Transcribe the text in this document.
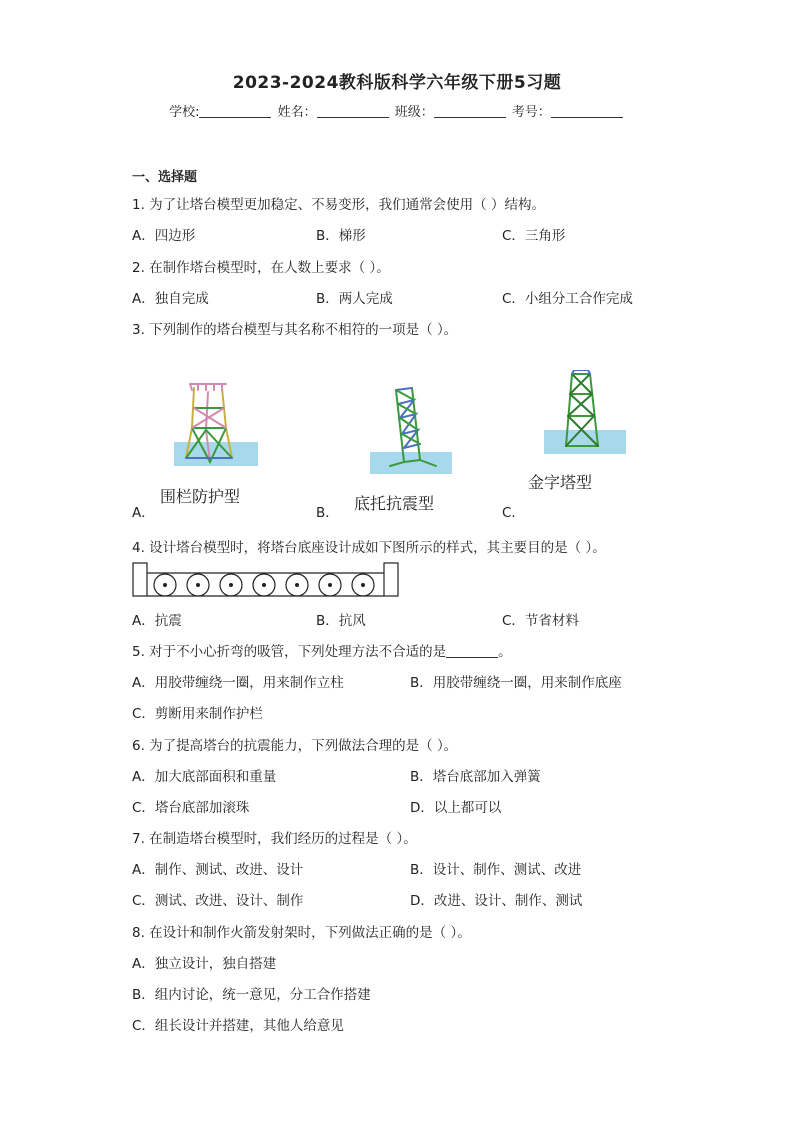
2023-2024教科版科学六年级下册5习题
学校:	姓名：	班级：	考号：
一、选择题
1. 为了让塔台模型更加稳定、不易变形，我们通常会使用（ ）结构。
A．四边形	B．梯形	C．三角形
2. 在制作塔台模型时，在人数上要求（ ）。
A．独自完成	B．两人完成	C．小组分工合作完成
3. 下列制作的塔台模型与其名称不相符的一项是（ ）。
A．
围栏防护型
B． 底托抗震型	C．
金字塔型
4. 设计塔台模型时，将塔台底座设计成如下图所示的样式，其主要目的是（ ）。
A．抗震	B．抗风	C．节省材料
5. 对于不小心折弯的吸管，下列处理方法不合适的是	。
A．用胶带缠绕一圈，用来制作立柱	B．用胶带缠绕一圈，用来制作底座
C．剪断用来制作护栏
6. 为了提高塔台的抗震能力，下列做法合理的是（ ）。
A．加大底部面积和重量	B．塔台底部加入弹簧
C．塔台底部加滚珠	D．以上都可以
7. 在制造塔台模型时，我们经历的过程是（ ）。
A．制作、测试、改进、设计	B．设计、制作、测试、改进
C．测试、改进、设计、制作	D．改进、设计、制作、测试
8. 在设计和制作火箭发射架时，下列做法正确的是（ ）。
A．独立设计，独自搭建
B．组内讨论，统一意见，分工合作搭建
C．组长设计并搭建，其他人给意见
